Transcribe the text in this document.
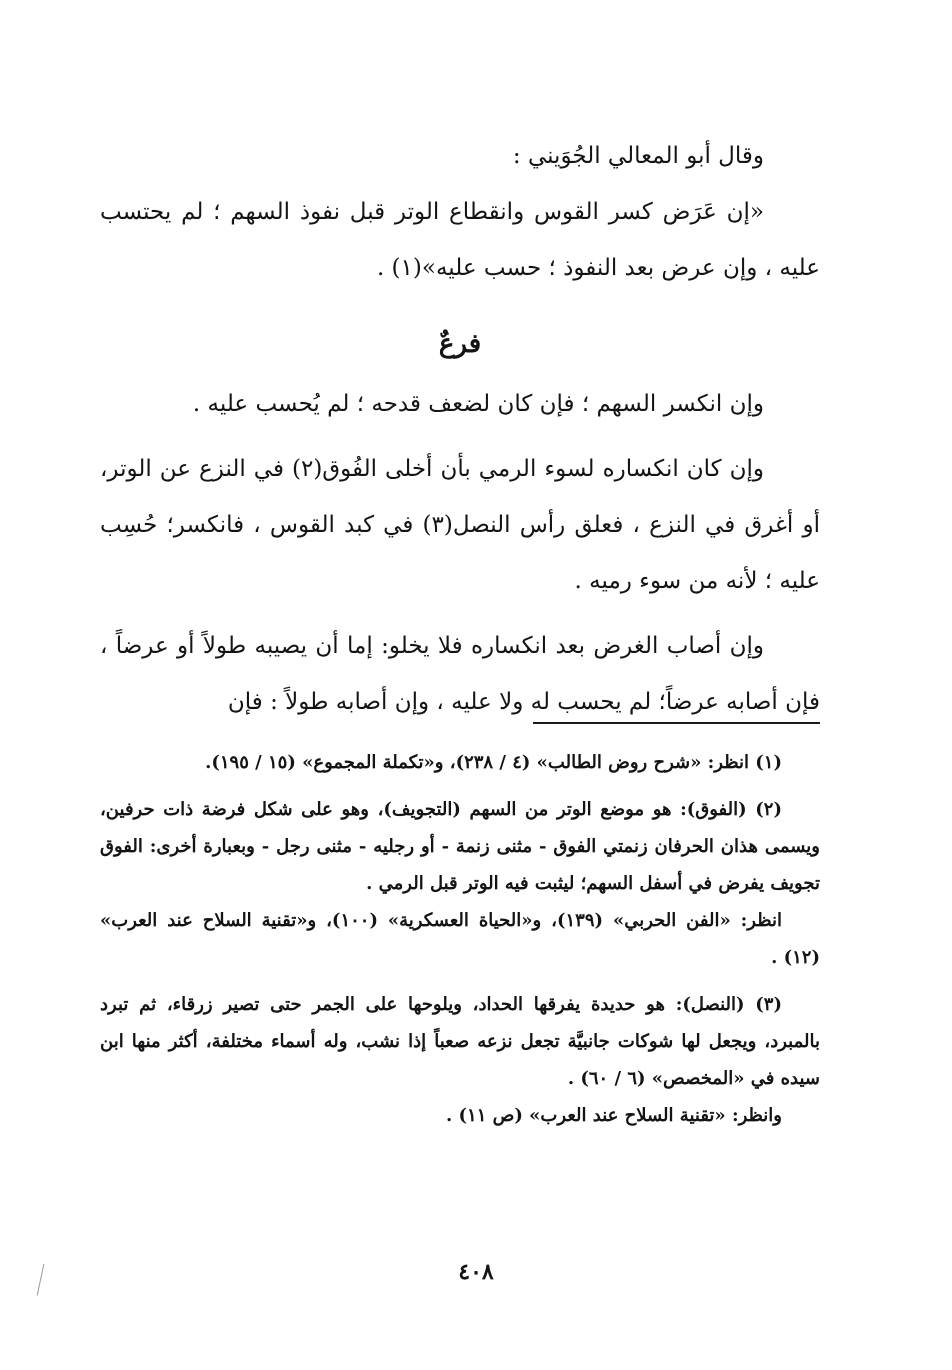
وقال أبو المعالي الجُوَيني :

«إن عَرَض كسر القوس وانقطاع الوتر قبل نفوذ السهم ؛ لم يحتسب عليه ، وإن عرض بعد النفوذ ؛ حسب عليه»(١) .

فرعٌ

وإن انكسر السهم ؛ فإن كان لضعف قدحه ؛ لم يُحسب عليه .

وإن كان انكساره لسوء الرمي بأن أخلى الفُوق(٢) في النزع عن الوتر، أو أغرق في النزع ، فعلق رأس النصل(٣) في كبد القوس ، فانكسر؛ حُسِب عليه ؛ لأنه من سوء رميه .

وإن أصاب الغرض بعد انكساره فلا يخلو: إما أن يصيبه طولاً أو عرضاً ، فإن أصابه عرضاً؛ لم يحسب له ولا عليه ، وإن أصابه طولاً : فإن

(١) انظر: «شرح روض الطالب» (٤ / ٢٣٨)، و«تكملة المجموع» (١٥ / ١٩٥).

(٢) (الفوق): هو موضع الوتر من السهم (التجويف)، وهو على شكل فرضة ذات حرفين، ويسمى هذان الحرفان زنمتي الفوق - مثنى زنمة - أو رجليه - مثنى رجل - وبعبارة أخرى: الفوق تجويف يفرض في أسفل السهم؛ ليثبت فيه الوتر قبل الرمي .

انظر: «الفن الحربي» (١٣٩)، و«الحياة العسكرية» (١٠٠)، و«تقنية السلاح عند العرب» (١٢) .

(٣) (النصل): هو حديدة يفرقها الحداد، ويلوحها على الجمر حتى تصير زرقاء، ثم تبرد بالمبرد، ويجعل لها شوكات جانبيَّة تجعل نزعه صعباً إذا نشب، وله أسماء مختلفة، أكثر منها ابن سيده في «المخصص» (٦ / ٦٠) .

وانظر: «تقنية السلاح عند العرب» (ص ١١) .

٤٠٨
